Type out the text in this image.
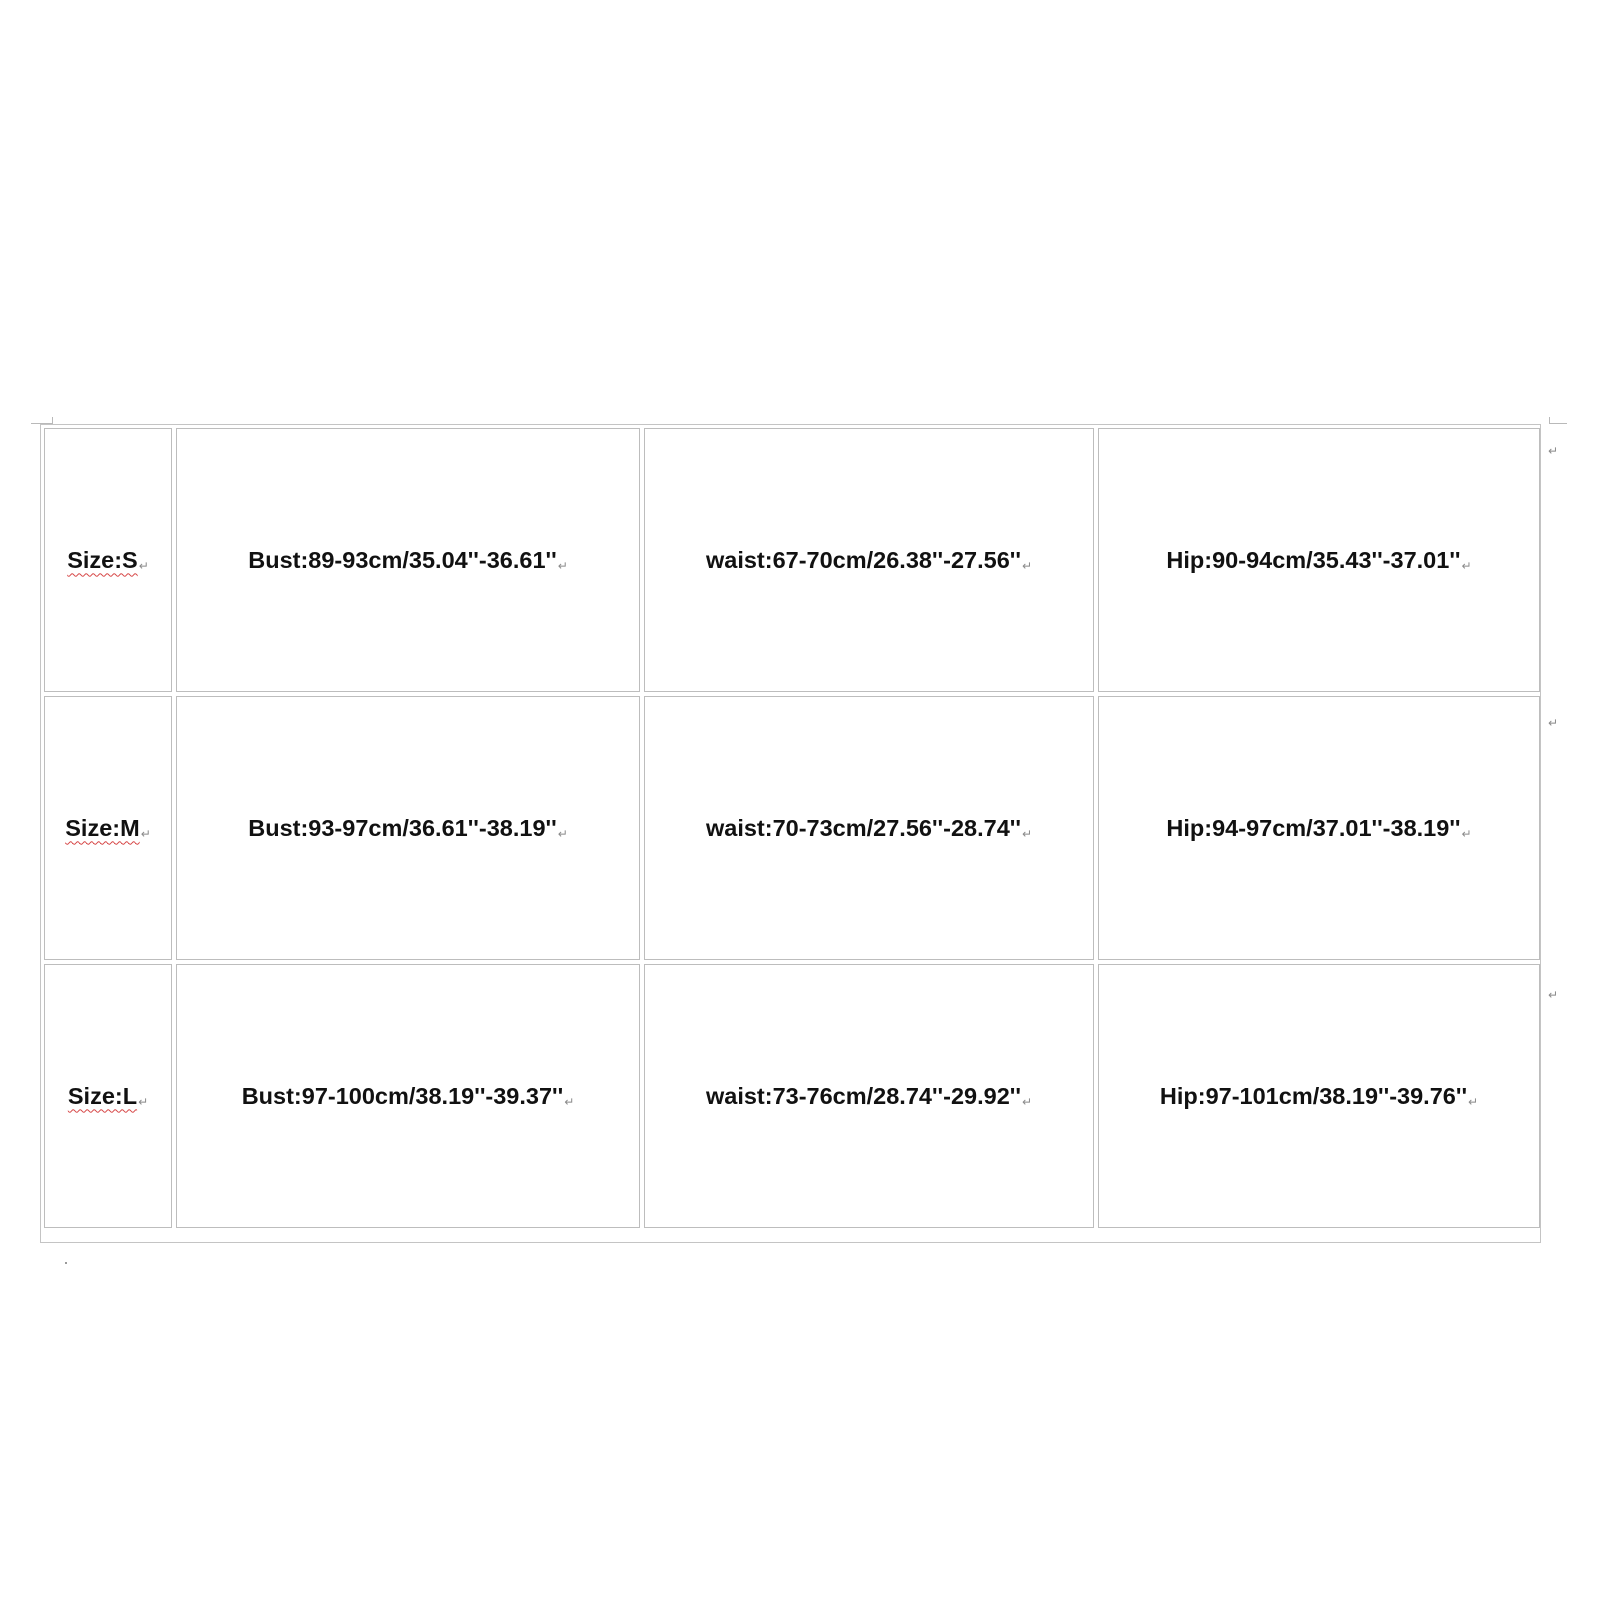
Size:S↵	Bust:89-93cm/35.04''-36.61''↵	waist:67-70cm/26.38''-27.56''↵	Hip:90-94cm/35.43''-37.01''↵
Size:M↵	Bust:93-97cm/36.61''-38.19''↵	waist:70-73cm/27.56''-28.74''↵	Hip:94-97cm/37.01''-38.19''↵
Size:L↵	Bust:97-100cm/38.19''-39.37''↵	waist:73-76cm/28.74''-29.92''↵	Hip:97-101cm/38.19''-39.76''↵
↵
↵
↵
